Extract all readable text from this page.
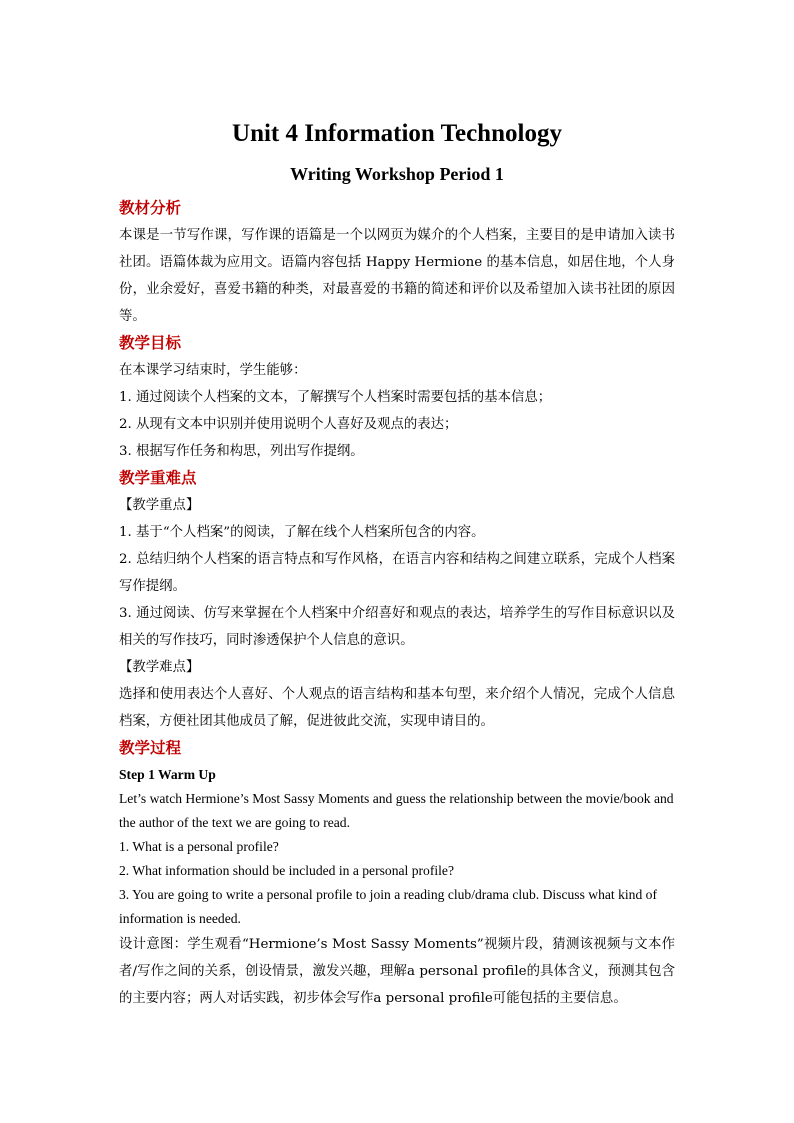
Unit 4 Information Technology
Writing Workshop Period 1
教材分析
本课是一节写作课，写作课的语篇是一个以网页为媒介的个人档案，主要目的是申请加入读书社团。语篇体裁为应用文。语篇内容包括 Happy Hermione 的基本信息，如居住地，个人身份，业余爱好，喜爱书籍的种类，对最喜爱的书籍的简述和评价以及希望加入读书社团的原因等。
教学目标
在本课学习结束时，学生能够：
1. 通过阅读个人档案的文本，了解撰写个人档案时需要包括的基本信息；
2. 从现有文本中识别并使用说明个人喜好及观点的表达；
3. 根据写作任务和构思，列出写作提纲。
教学重难点
【教学重点】
1. 基于“个人档案”的阅读，了解在线个人档案所包含的内容。
2. 总结归纳个人档案的语言特点和写作风格，在语言内容和结构之间建立联系，完成个人档案写作提纲。
3. 通过阅读、仿写来掌握在个人档案中介绍喜好和观点的表达，培养学生的写作目标意识以及相关的写作技巧，同时渗透保护个人信息的意识。
【教学难点】
选择和使用表达个人喜好、个人观点的语言结构和基本句型，来介绍个人情况，完成个人信息档案，方便社团其他成员了解，促进彼此交流，实现申请目的。
教学过程
Step 1 Warm Up
Let’s watch Hermione’s Most Sassy Moments and guess the relationship between the movie/book and the author of the text we are going to read.
1. What is a personal profile?
2. What information should be included in a personal profile?
3. You are going to write a personal profile to join a reading club/drama club. Discuss what kind of information is needed.
设计意图：学生观看“Hermione’s Most Sassy Moments”视频片段，猜测该视频与文本作者/写作之间的关系，创设情景，激发兴趣，理解a personal profile的具体含义，预测其包含的主要内容；两人对话实践，初步体会写作a personal profile可能包括的主要信息。
